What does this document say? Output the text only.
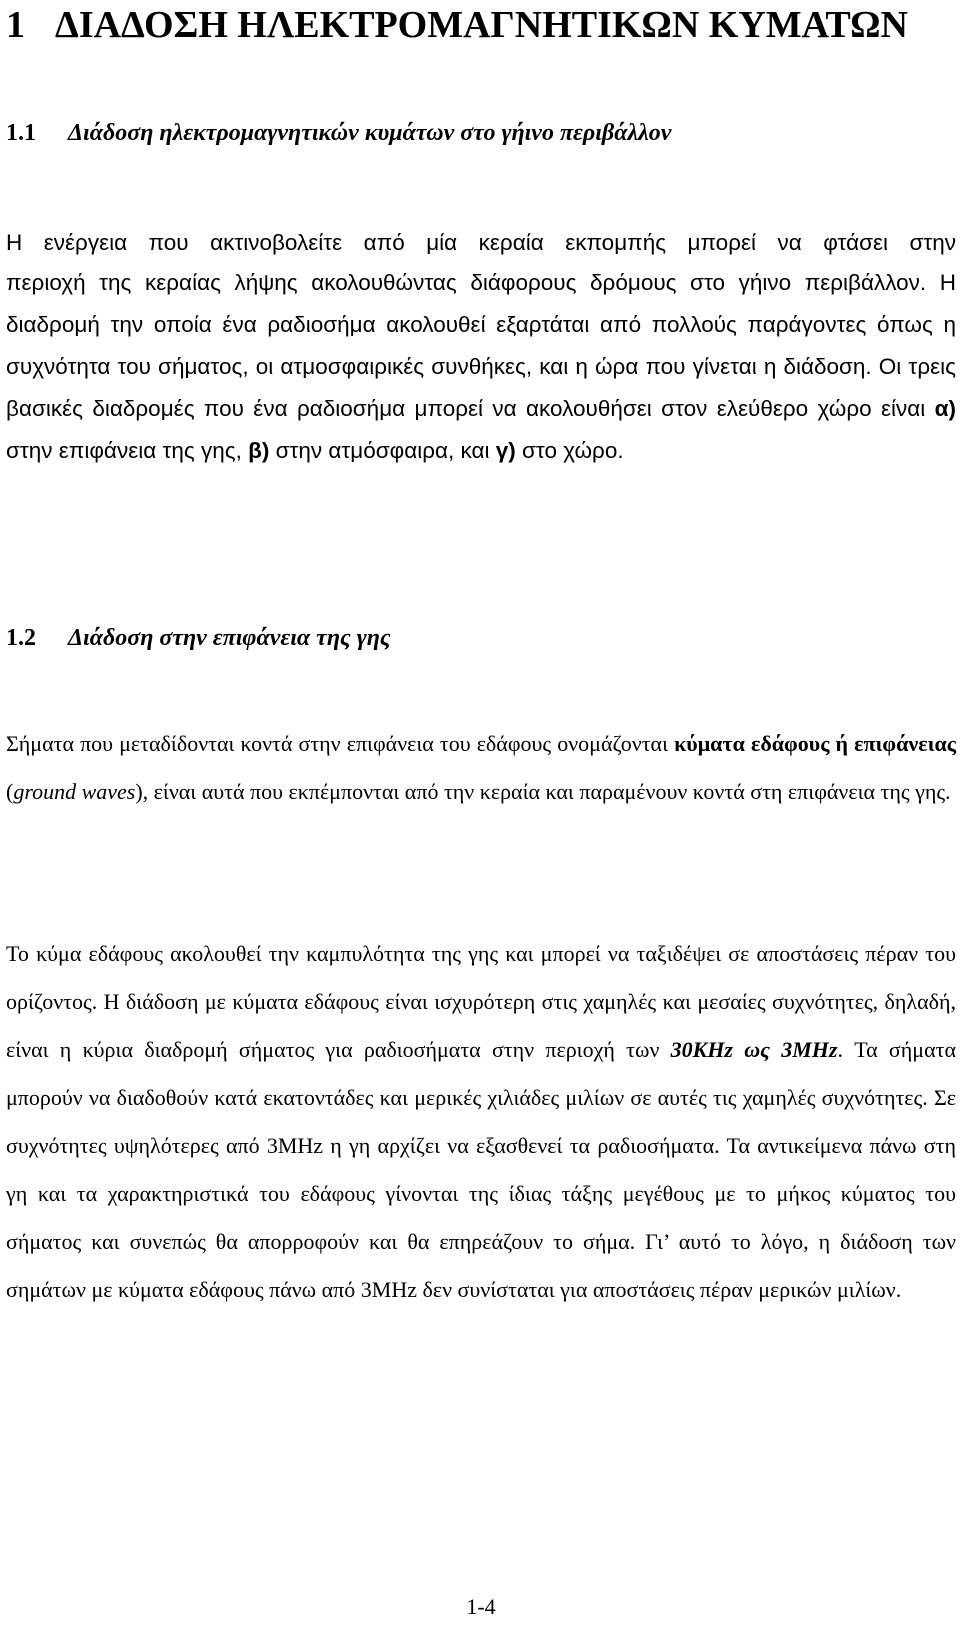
1 ΔΙΑΔΟΣΗ ΗΛΕΚΤΡΟΜΑΓΝΗΤΙΚΩΝ ΚΥΜΑΤΩΝ
1.1 Διάδοση ηλεκτρομαγνητικών κυμάτων στο γήινο περιβάλλον

Η ενέργεια που ακτινοβολείτε από μία κεραία εκπομπής μπορεί να φτάσει στην
περιοχή της κεραίας λήψης ακολουθώντας διάφορους δρόμους στο γήινο περιβάλλον. Η διαδρομή την οποία ένα ραδιοσήμα ακολουθεί εξαρτάται από πολλούς παράγοντες όπως η συχνότητα του σήματος, οι ατμοσφαιρικές συνθήκες, και η ώρα που γίνεται η διάδοση. Οι τρεις βασικές διαδρομές που ένα ραδιοσήμα μπορεί να ακολουθήσει στον ελεύθερο χώρο είναι α) στην επιφάνεια της γης, β) στην ατμόσφαιρα, και γ) στο χώρο.

1.2 Διάδοση στην επιφάνεια της γης

Σήματα που μεταδίδονται κοντά στην επιφάνεια του εδάφους ονομάζονται κύματα εδάφους ή επιφάνειας (ground waves), είναι αυτά που εκπέμπονται από την κεραία και παραμένουν κοντά στη επιφάνεια της γης.

Το κύμα εδάφους ακολουθεί την καμπυλότητα της γης και μπορεί να ταξιδέψει σε αποστάσεις πέραν του ορίζοντος. Η διάδοση με κύματα εδάφους είναι ισχυρότερη στις χαμηλές και μεσαίες συχνότητες, δηλαδή, είναι η κύρια διαδρομή σήματος για ραδιοσήματα στην περιοχή των 30KHz ως 3MHz. Τα σήματα μπορούν να διαδοθούν κατά εκατοντάδες και μερικές χιλιάδες μιλίων σε αυτές τις χαμηλές συχνότητες. Σε συχνότητες υψηλότερες από 3MHz η γη αρχίζει να εξασθενεί τα ραδιοσήματα. Τα αντικείμενα πάνω στη γη και τα χαρακτηριστικά του εδάφους γίνονται της ίδιας τάξης μεγέθους με το μήκος κύματος του σήματος και συνεπώς θα απορροφούν και θα επηρεάζουν το σήμα. Γι’ αυτό το λόγο, η διάδοση των σημάτων με κύματα εδάφους πάνω από 3MHz δεν συνίσταται για αποστάσεις πέραν μερικών μιλίων.

1-4
